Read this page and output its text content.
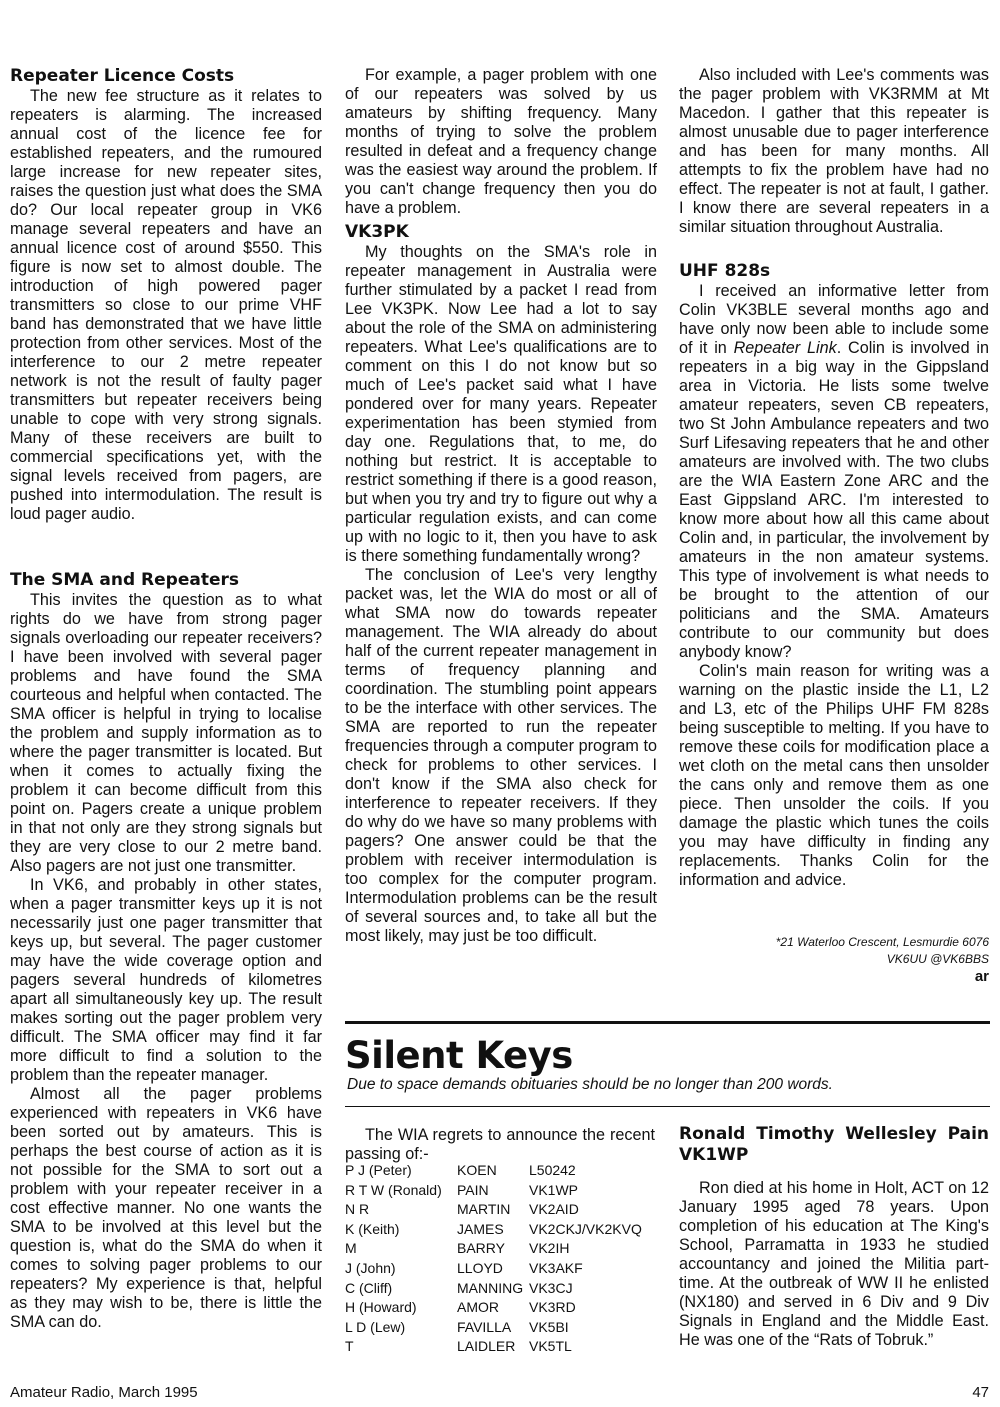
Repeater Licence Costs

The new fee structure as it relates to repeaters is alarming. The increased annual cost of the licence fee for established repeaters, and the rumoured large increase for new repeater sites, raises the question just what does the SMA do? Our local repeater group in VK6 manage several repeaters and have an annual licence cost of around $550. This figure is now set to almost double. The introduction of high powered pager transmitters so close to our prime VHF band has demonstrated that we have little protection from other services. Most of the interference to our 2 metre repeater network is not the result of faulty pager transmitters but repeater receivers being unable to cope with very strong signals. Many of these receivers are built to commercial specifications yet, with the signal levels received from pagers, are pushed into intermodulation. The result is loud pager audio.

The SMA and Repeaters

This invites the question as to what rights do we have from strong pager signals overloading our repeater receivers? I have been involved with several pager problems and have found the SMA courteous and helpful when contacted. The SMA officer is helpful in trying to localise the problem and supply information as to where the pager transmitter is located. But when it comes to actually fixing the problem it can become difficult from this point on. Pagers create a unique problem in that not only are they strong signals but they are very close to our 2 metre band. Also pagers are not just one transmitter.

In VK6, and probably in other states, when a pager transmitter keys up it is not necessarily just one pager transmitter that keys up, but several. The pager customer may have the wide coverage option and pagers several hundreds of kilometres apart all simultaneously key up. The result makes sorting out the pager problem very difficult. The SMA officer may find it far more difficult to find a solution to the problem than the repeater manager.

Almost all the pager problems experienced with repeaters in VK6 have been sorted out by amateurs. This is perhaps the best course of action as it is not possible for the SMA to sort out a problem with your repeater receiver in a cost effective manner. No one wants the SMA to be involved at this level but the question is, what do the SMA do when it comes to solving pager problems to our repeaters? My experience is that, helpful as they may wish to be, there is little the SMA can do.

For example, a pager problem with one of our repeaters was solved by us amateurs by shifting frequency. Many months of trying to solve the problem resulted in defeat and a frequency change was the easiest way around the problem. If you can't change frequency then you do have a problem.

VK3PK

My thoughts on the SMA's role in repeater management in Australia were further stimulated by a packet I read from Lee VK3PK. Now Lee had a lot to say about the role of the SMA on administering repeaters. What Lee's qualifications are to comment on this I do not know but so much of Lee's packet said what I have pondered over for many years. Repeater experimentation has been stymied from day one. Regulations that, to me, do nothing but restrict. It is acceptable to restrict something if there is a good reason, but when you try and try to figure out why a particular regulation exists, and can come up with no logic to it, then you have to ask is there something fundamentally wrong?

The conclusion of Lee's very lengthy packet was, let the WIA do most or all of what SMA now do towards repeater management. The WIA already do about half of the current repeater management in terms of frequency planning and coordination. The stumbling point appears to be the interface with other services. The SMA are reported to run the repeater frequencies through a computer program to check for problems to other services. I don't know if the SMA also check for interference to repeater receivers. If they do why do we have so many problems with pagers? One answer could be that the problem with receiver intermodulation is too complex for the computer program. Intermodulation problems can be the result of several sources and, to take all but the most likely, may just be too difficult.

Also included with Lee's comments was the pager problem with VK3RMM at Mt Macedon. I gather that this repeater is almost unusable due to pager interference and has been for many months. All attempts to fix the problem have had no effect. The repeater is not at fault, I gather. I know there are several repeaters in a similar situation throughout Australia.

UHF 828s

I received an informative letter from Colin VK3BLE several months ago and have only now been able to include some of it in Repeater Link. Colin is involved in repeaters in a big way in the Gippsland area in Victoria. He lists some twelve amateur repeaters, seven CB repeaters, two St John Ambulance repeaters and two Surf Lifesaving repeaters that he and other amateurs are involved with. The two clubs are the WIA Eastern Zone ARC and the East Gippsland ARC. I'm interested to know more about how all this came about Colin and, in particular, the involvement by amateurs in the non amateur systems. This type of involvement is what needs to be brought to the attention of our politicians and the SMA. Amateurs contribute to our community but does anybody know?

Colin's main reason for writing was a warning on the plastic inside the L1, L2 and L3, etc of the Philips UHF FM 828s being susceptible to melting. If you have to remove these coils for modification place a wet cloth on the metal cans then unsolder the cans only and remove them as one piece. Then unsolder the coils. If you damage the plastic which tunes the coils you may have difficulty in finding any replacements. Thanks Colin for the information and advice.

*21 Waterloo Crescent, Lesmurdie 6076
VK6UU @VK6BBS
ar
Silent Keys
Due to space demands obituaries should be no longer than 200 words.

The WIA regrets to announce the recent passing of:-

P J (Peter)	KOEN	L50242
R T W (Ronald)	PAIN	VK1WP
N R	MARTIN	VK2AID
K (Keith)	JAMES	VK2CKJ/VK2KVQ
M	BARRY	VK2IH
J (John)	LLOYD	VK3AKF
C (Cliff)	MANNING	VK3CJ
H (Howard)	AMOR	VK3RD
L D (Lew)	FAVILLA	VK5BI
T	LAIDLER	VK5TL
Ronald Timothy Wellesley Pain VK1WP

Ron died at his home in Holt, ACT on 12 January 1995 aged 78 years. Upon completion of his education at The King's School, Parramatta in 1933 he studied accountancy and joined the Militia part-time. At the outbreak of WW II he enlisted (NX180) and served in 6 Div and 9 Div Signals in England and the Middle East. He was one of the “Rats of Tobruk.”

Amateur Radio, March 1995	47
